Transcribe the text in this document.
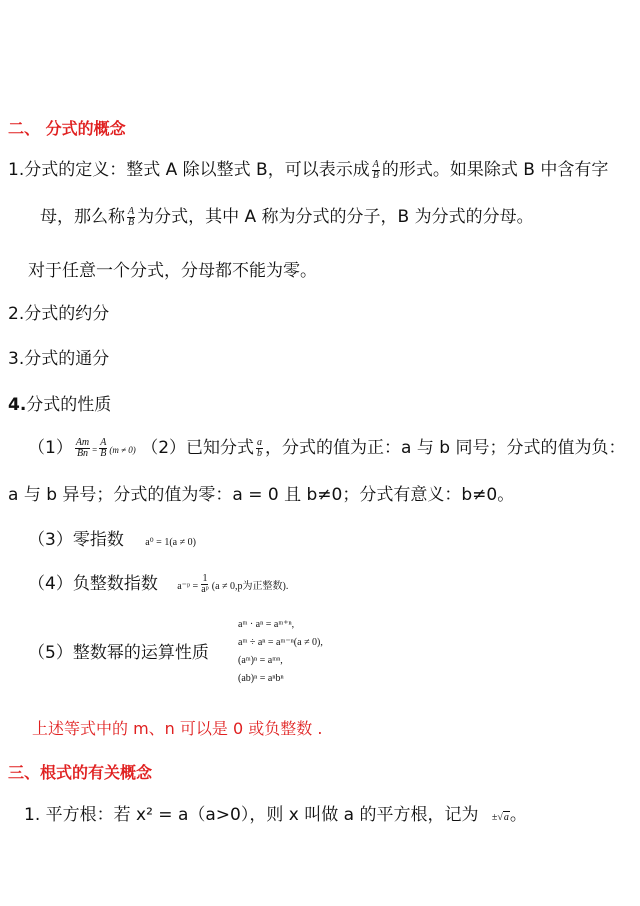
二、 分式的概念
1.分式的定义：整式 A 除以整式 B，可以表示成 $\frac{A}{B}$ 的形式。如果除式 B 中含有字
母，那么称 $\frac{A}{B}$ 为分式，其中 A 称为分式的分子，B 为分式的分母。
对于任意一个分式，分母都不能为零。
2.分式的约分
3.分式的通分
4.分式的性质
$(1) \frac{Am}{Bn} = \frac{A}{B} (m \ne 0)$ （2）已知分式 $\frac{a}{b}$ ，分式的值为正：a 与 b 同号；分式的值为负：
a 与 b 异号；分式的值为零：a = 0 且 b≠0；分式有意义：b≠0。
（3）零指数 a⁰ = 1(a ≠ 0)
（4）负整数指数 a⁻ᵖ = $\frac{1}{\text{aᵖ}} (a \ne 0,p$为正整数).
（5）整数幂的运算性质
aᵐ · aⁿ = aᵐ⁺ⁿ,
aᵐ ÷ aⁿ = aᵐ⁻ⁿ(a ≠ 0),
(aᵐ)ⁿ = aᵐⁿ,
(ab)ⁿ = aⁿbⁿ
上述等式中的 m、n 可以是 0 或负整数 .
三、根式的有关概念
1. 平方根：若 x² = a（a>0），则 x 叫做 a 的平方根，记为 ±√a。
